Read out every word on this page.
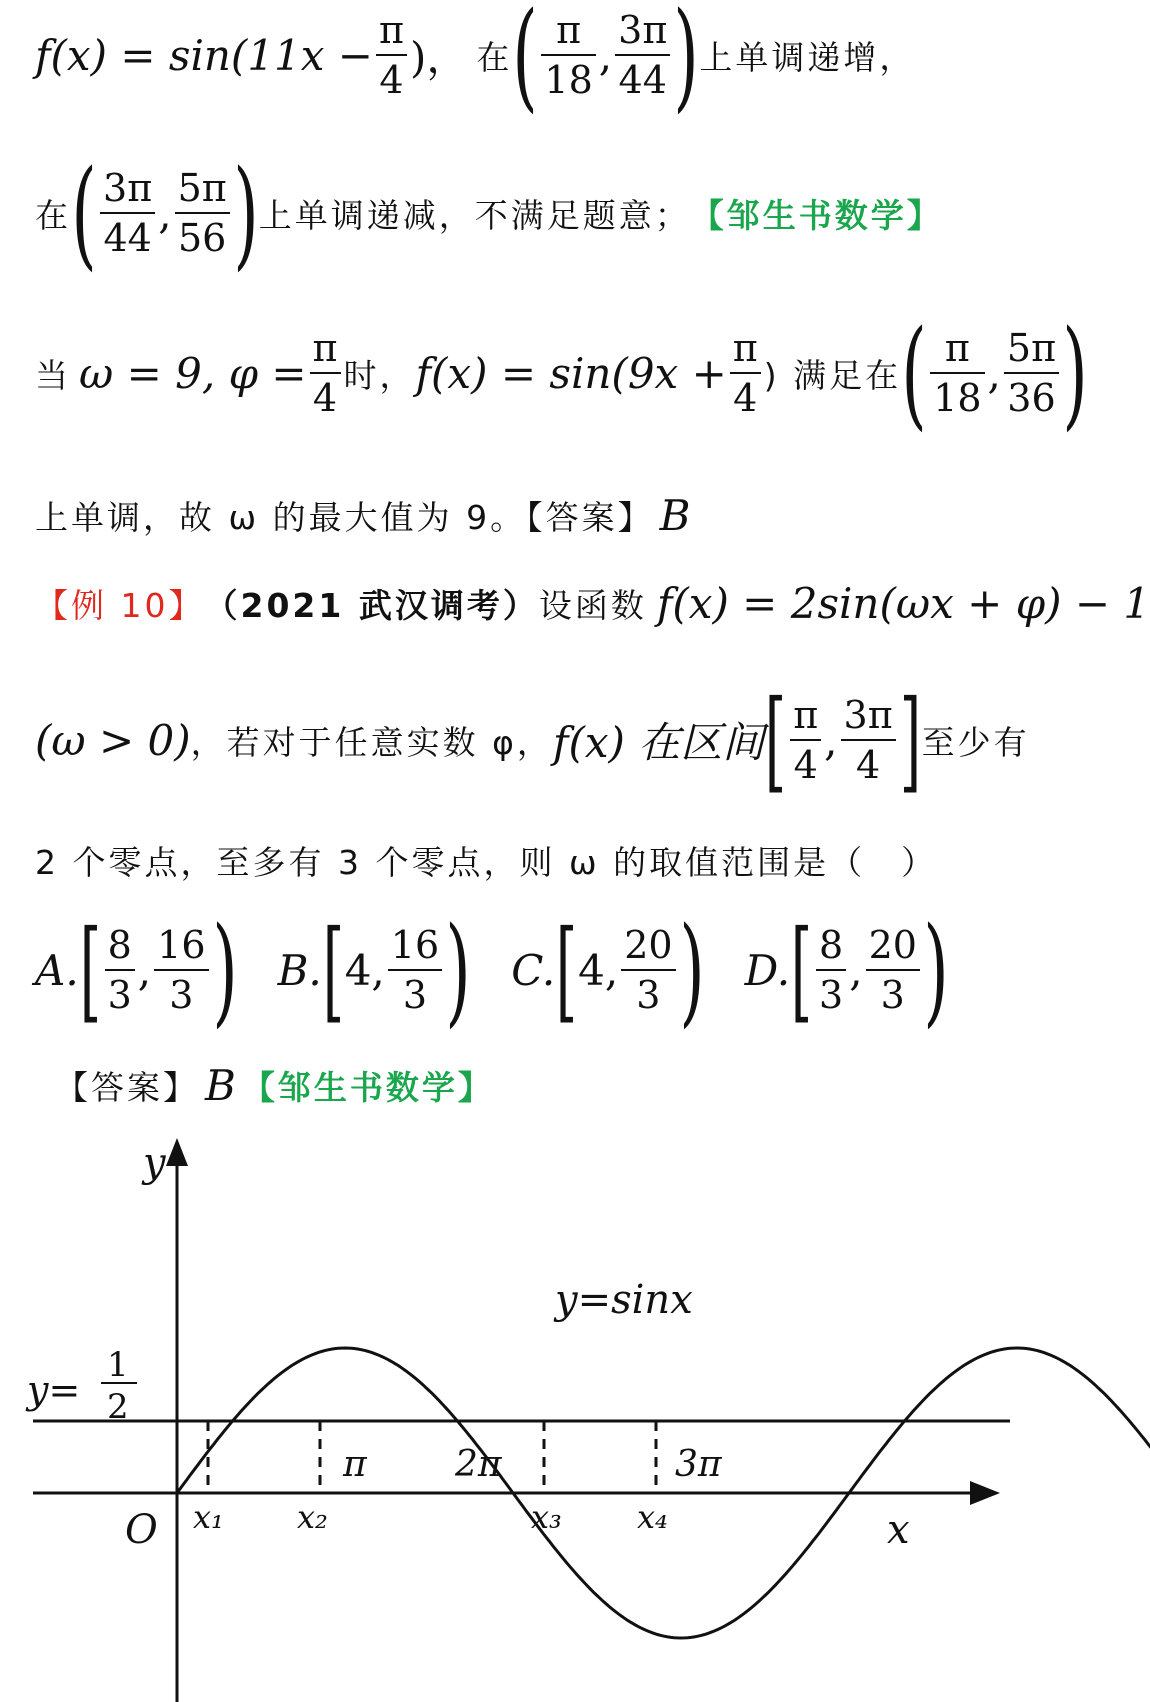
$f(x) = \sin(11x - \frac{\pi}{4}$ )， 在 ( $\frac{\pi}{18}$ , $\frac{3\pi}{44}$ ) 上单调递增，
在 ( $\frac{3\pi}{44}$ , $\frac{5\pi}{56}$ ) 上单调递减，不满足题意； 【邹生书数学】
当 ω = 9, $\varphi = \frac{\pi}{4}$ 时， $f(x) = \sin(9x + \frac{\pi}{4}$ ) 满足在 ( $\frac{\pi}{18}$ , $\frac{5\pi}{36}$ )
上单调，故 ω 的最大值为 9。【答案】 B
【例 10】 （2021 武汉调考） 设函数 f(x) = 2sin(ωx + φ) − 1
(ω > 0) ，若对于任意实数 φ， f(x) 在区间 [ $\frac{\pi}{4}$ , $\frac{3\pi}{4}$ ] 至少有
2 个零点，至多有 3 个零点，则 ω 的取值范围是（　）
A. [ $\frac{8}{3}$ , $\frac{16}{3}$ ) B. [ 4, $\frac{16}{3}$ ) C. [ 4, $\frac{20}{3}$ ) D. [ $\frac{8}{3}$ , $\frac{20}{3}$ )
【答案】 B 【邹生书数学】
y
x
O
y=sinx
y=
1
2
π 2π	3π
x₁ x₂	x₃ x₄
